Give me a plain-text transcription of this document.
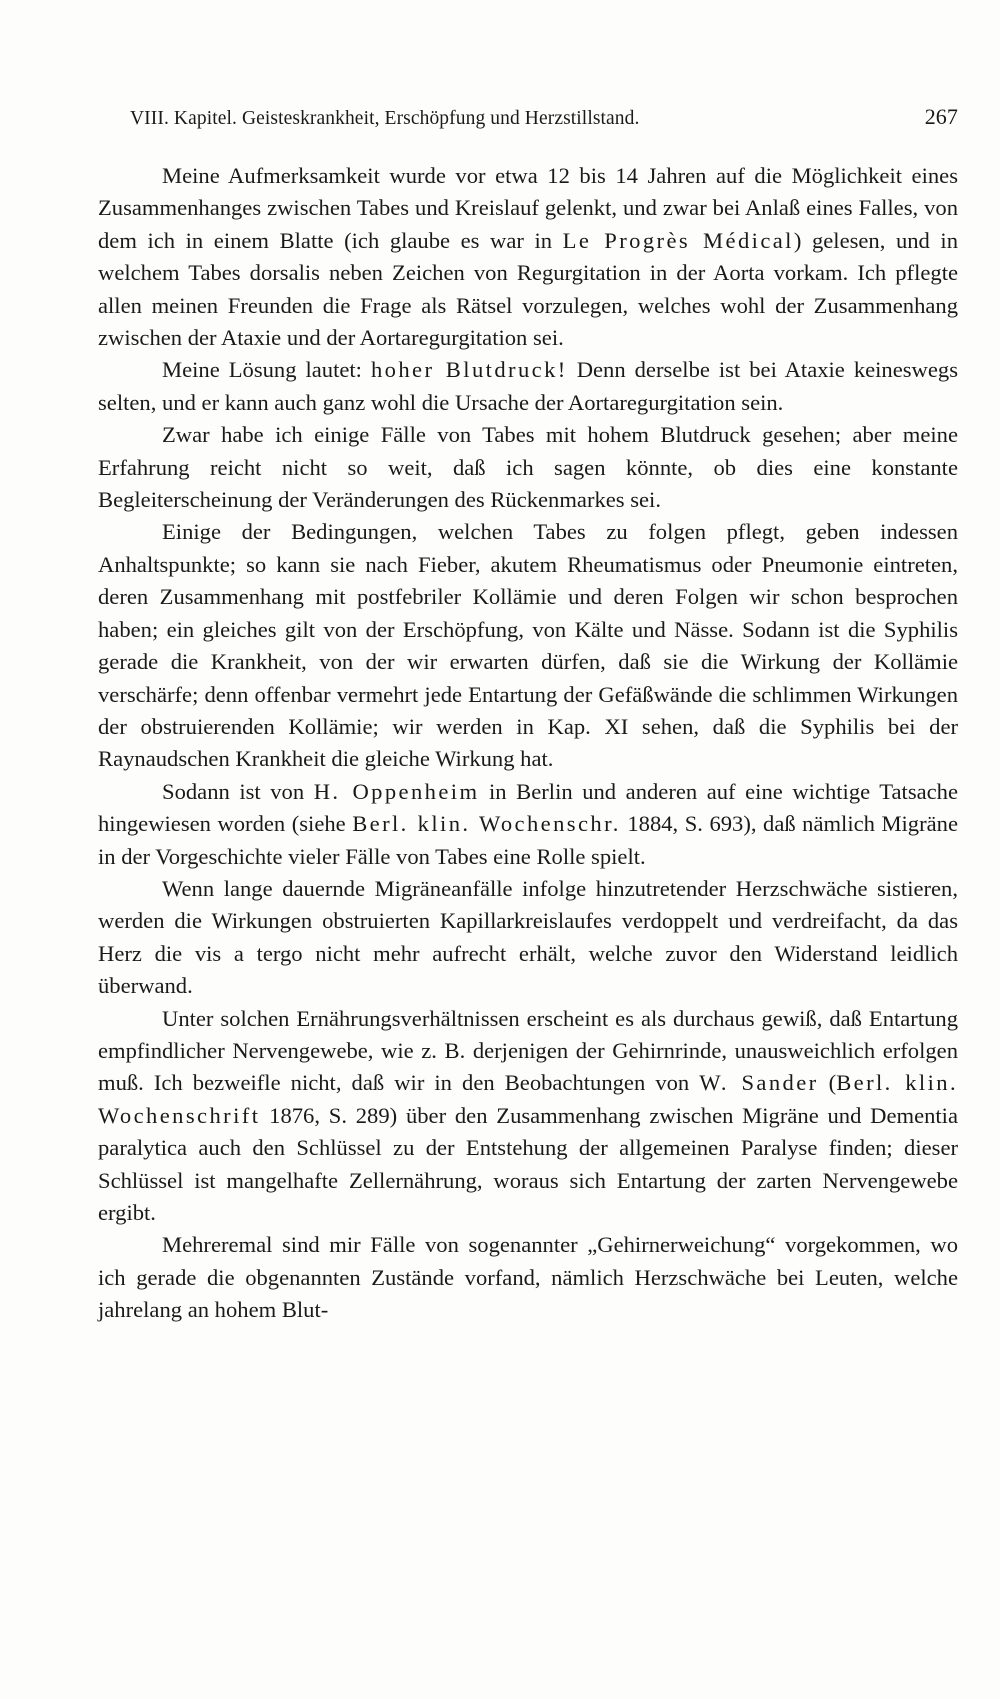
VIII. Kapitel. Geisteskrankheit, Erschöpfung und Herzstillstand.	267

Meine Aufmerksamkeit wurde vor etwa 12 bis 14 Jahren auf die Möglichkeit eines Zusammenhanges zwischen Tabes und Kreislauf gelenkt, und zwar bei Anlaß eines Falles, von dem ich in einem Blatte (ich glaube es war in Le Progrès Médical) gelesen, und in welchem Tabes dorsalis neben Zeichen von Regurgitation in der Aorta vorkam. Ich pflegte allen meinen Freunden die Frage als Rätsel vorzulegen, welches wohl der Zusammenhang zwischen der Ataxie und der Aortaregurgitation sei.

Meine Lösung lautet: hoher Blutdruck! Denn derselbe ist bei Ataxie keineswegs selten, und er kann auch ganz wohl die Ursache der Aortaregurgitation sein.

Zwar habe ich einige Fälle von Tabes mit hohem Blutdruck gesehen; aber meine Erfahrung reicht nicht so weit, daß ich sagen könnte, ob dies eine konstante Begleiterscheinung der Veränderungen des Rückenmarkes sei.

Einige der Bedingungen, welchen Tabes zu folgen pflegt, geben indessen Anhaltspunkte; so kann sie nach Fieber, akutem Rheumatismus oder Pneumonie eintreten, deren Zusammenhang mit postfebriler Kollämie und deren Folgen wir schon besprochen haben; ein gleiches gilt von der Erschöpfung, von Kälte und Nässe. Sodann ist die Syphilis gerade die Krankheit, von der wir erwarten dürfen, daß sie die Wirkung der Kollämie verschärfe; denn offenbar vermehrt jede Entartung der Gefäßwände die schlimmen Wirkungen der obstruierenden Kollämie; wir werden in Kap. XI sehen, daß die Syphilis bei der Raynaudschen Krankheit die gleiche Wirkung hat.

Sodann ist von H. Oppenheim in Berlin und anderen auf eine wichtige Tatsache hingewiesen worden (siehe Berl. klin. Wochenschr. 1884, S. 693), daß nämlich Migräne in der Vorgeschichte vieler Fälle von Tabes eine Rolle spielt.

Wenn lange dauernde Migräneanfälle infolge hinzutretender Herzschwäche sistieren, werden die Wirkungen obstruierten Kapillarkreislaufes verdoppelt und verdreifacht, da das Herz die vis a tergo nicht mehr aufrecht erhält, welche zuvor den Widerstand leidlich überwand.

Unter solchen Ernährungsverhältnissen erscheint es als durchaus gewiß, daß Entartung empfindlicher Nervengewebe, wie z. B. derjenigen der Gehirnrinde, unausweichlich erfolgen muß. Ich bezweifle nicht, daß wir in den Beobachtungen von W. Sander (Berl. klin. Wochenschrift 1876, S. 289) über den Zusammenhang zwischen Migräne und Dementia paralytica auch den Schlüssel zu der Entstehung der allgemeinen Paralyse finden; dieser Schlüssel ist mangelhafte Zellernährung, woraus sich Entartung der zarten Nervengewebe ergibt.

Mehreremal sind mir Fälle von sogenannter „Gehirnerweichung“ vorgekommen, wo ich gerade die obgenannten Zustände vorfand, nämlich Herzschwäche bei Leuten, welche jahrelang an hohem Blut-
